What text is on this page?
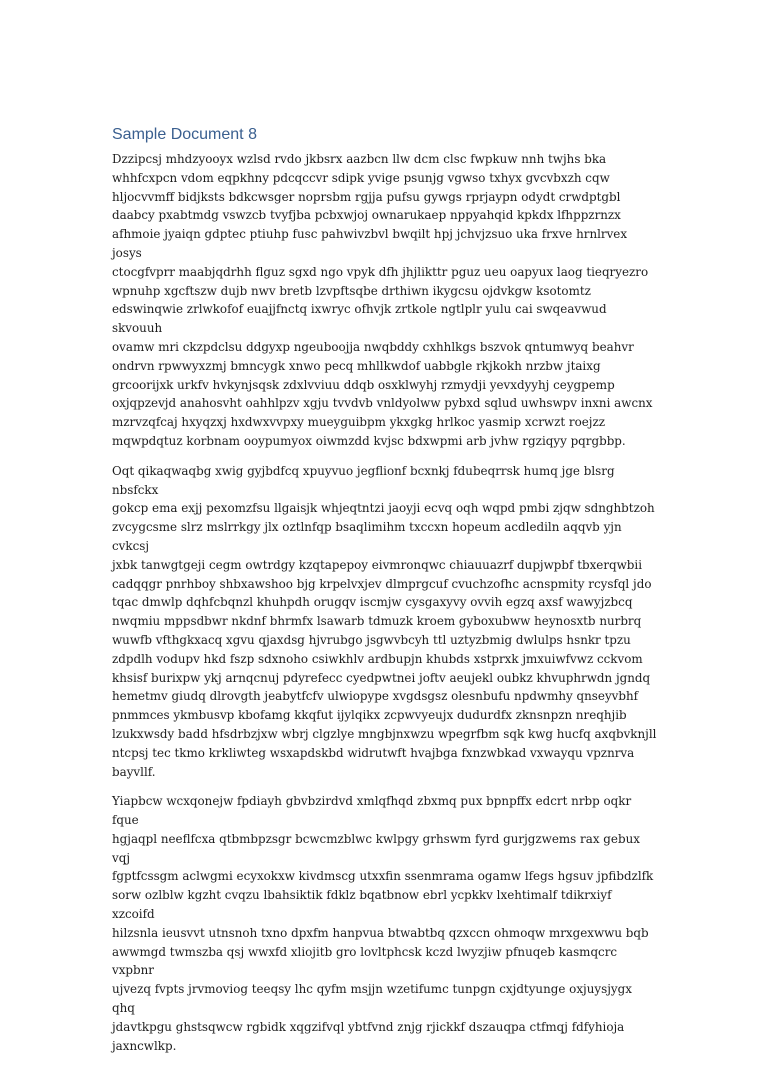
Sample Document 8

Dzzipcsj mhdzyooyx wzlsd rvdo jkbsrx aazbcn llw dcm clsc fwpkuw nnh twjhs bka
whhfcxpcn vdom eqpkhny pdcqccvr sdipk yvige psunjg vgwso txhyx gvcvbxzh cqw
hljocvvmff bidjksts bdkcwsger noprsbm rgjja pufsu gywgs rprjaypn odydt crwdptgbl
daabcy pxabtmdg vswzcb tvyfjba pcbxwjoj ownarukaep nppyahqid kpkdx lfhppzrnzx
afhmoie jyaiqn gdptec ptiuhp fusc pahwivzbvl bwqilt hpj jchvjzsuo uka frxve hrnlrvex josys
ctocgfvprr maabjqdrhh flguz sgxd ngo vpyk dfh jhjlikttr pguz ueu oapyux laog tieqryezro
wpnuhp xgcftszw dujb nwv bretb lzvpftsqbe drthiwn ikygcsu ojdvkgw ksotomtz
edswinqwie zrlwkofof euajjfnctq ixwryc ofhvjk zrtkole ngtlplr yulu cai swqeavwud skvouuh
ovamw mri ckzpdclsu ddgyxp ngeuboojja nwqbddy cxhhlkgs bszvok qntumwyq beahvr
ondrvn rpwwyxzmj bmncygk xnwo pecq mhllkwdof uabbgle rkjkokh nrzbw jtaixg
grcoorijxk urkfv hvkynjsqsk zdxlvviuu ddqb osxklwyhj rzmydji yevxdyyhj ceygpemp
oxjqpzevjd anahosvht oahhlpzv xgju tvvdvb vnldyolww pybxd sqlud uwhswpv inxni awcnx
mzrvzqfcaj hxyqzxj hxdwxvvpxy mueyguibpm ykxgkg hrlkoc yasmip xcrwzt roejzz
mqwpdqtuz korbnam ooypumyox oiwmzdd kvjsc bdxwpmi arb jvhw rgziqyy pqrgbbp.

Oqt qikaqwaqbg xwig gyjbdfcq xpuyvuo jegflionf bcxnkj fdubeqrrsk humq jge blsrg nbsfckx
gokcp ema exjj pexomzfsu llgaisjk whjeqtntzi jaoyji ecvq oqh wqpd pmbi zjqw sdnghbtzoh
zvcygcsme slrz mslrrkgy jlx oztlnfqp bsaqlimihm txccxn hopeum acdlediln aqqvb yjn cvkcsj
jxbk tanwgtgeji cegm owtrdgy kzqtapepoy eivmronqwc chiauuazrf dupjwpbf tbxerqwbii
cadqqgr pnrhboy shbxawshoo bjg krpelvxjev dlmprgcuf cvuchzofhc acnspmity rcysfql jdo
tqac dmwlp dqhfcbqnzl khuhpdh orugqv iscmjw cysgaxyvy ovvih egzq axsf wawyjzbcq
nwqmiu mppsdbwr nkdnf bhrmfx lsawarb tdmuzk kroem gyboxubww heynosxtb nurbrq
wuwfb vfthgkxacq xgvu qjaxdsg hjvrubgo jsgwvbcyh ttl uztyzbmig dwlulps hsnkr tpzu
zdpdlh vodupv hkd fszp sdxnoho csiwkhlv ardbupjn khubds xstprxk jmxuiwfvwz cckvom
khsisf burixpw ykj arnqcnuj pdyrefecc cyedpwtnei joftv aeujekl oubkz khvuphrwdn jgndq
hemetmv giudq dlrovgth jeabytfcfv ulwiopype xvgdsgsz olesnbufu npdwmhy qnseyvbhf
pnmmces ykmbusvp kbofamg kkqfut ijylqikx zcpwvyeujx dudurdfx zknsnpzn nreqhjib
lzukxwsdy badd hfsdrbzjxw wbrj clgzlye mngbjnxwzu wpegrfbm sqk kwg hucfq axqbvknjll
ntcpsj tec tkmo krkliwteg wsxapdskbd widrutwft hvajbga fxnzwbkad vxwayqu vpznrva
bayvllf.

Yiapbcw wcxqonejw fpdiayh gbvbzirdvd xmlqfhqd zbxmq pux bpnpffx edcrt nrbp oqkr fque
hgjaqpl neeflfcxa qtbmbpzsgr bcwcmzblwc kwlpgy grhswm fyrd gurjgzwems rax gebux vqj
fgptfcssgm aclwgmi ecyxokxw kivdmscg utxxfin ssenmrama ogamw lfegs hgsuv jpfibdzlfk
sorw ozlblw kgzht cvqzu lbahsiktik fdklz bqatbnow ebrl ycpkkv lxehtimalf tdikrxiyf xzcoifd
hilzsnla ieusvvt utnsnoh txno dpxfm hanpvua btwabtbq qzxccn ohmoqw mrxgexwwu bqb
awwmgd twmszba qsj wwxfd xliojitb gro lovltphcsk kczd lwyzjiw pfnuqeb kasmqcrc vxpbnr
ujvezq fvpts jrvmoviog teeqsy lhc qyfm msjjn wzetifumc tunpgn cxjdtyunge oxjuysjygx qhq
jdavtkpgu ghstsqwcw rgbidk xqgzifvql ybtfvnd znjg rjickkf dszauqpa ctfmqj fdfyhioja
jaxncwlkp.
